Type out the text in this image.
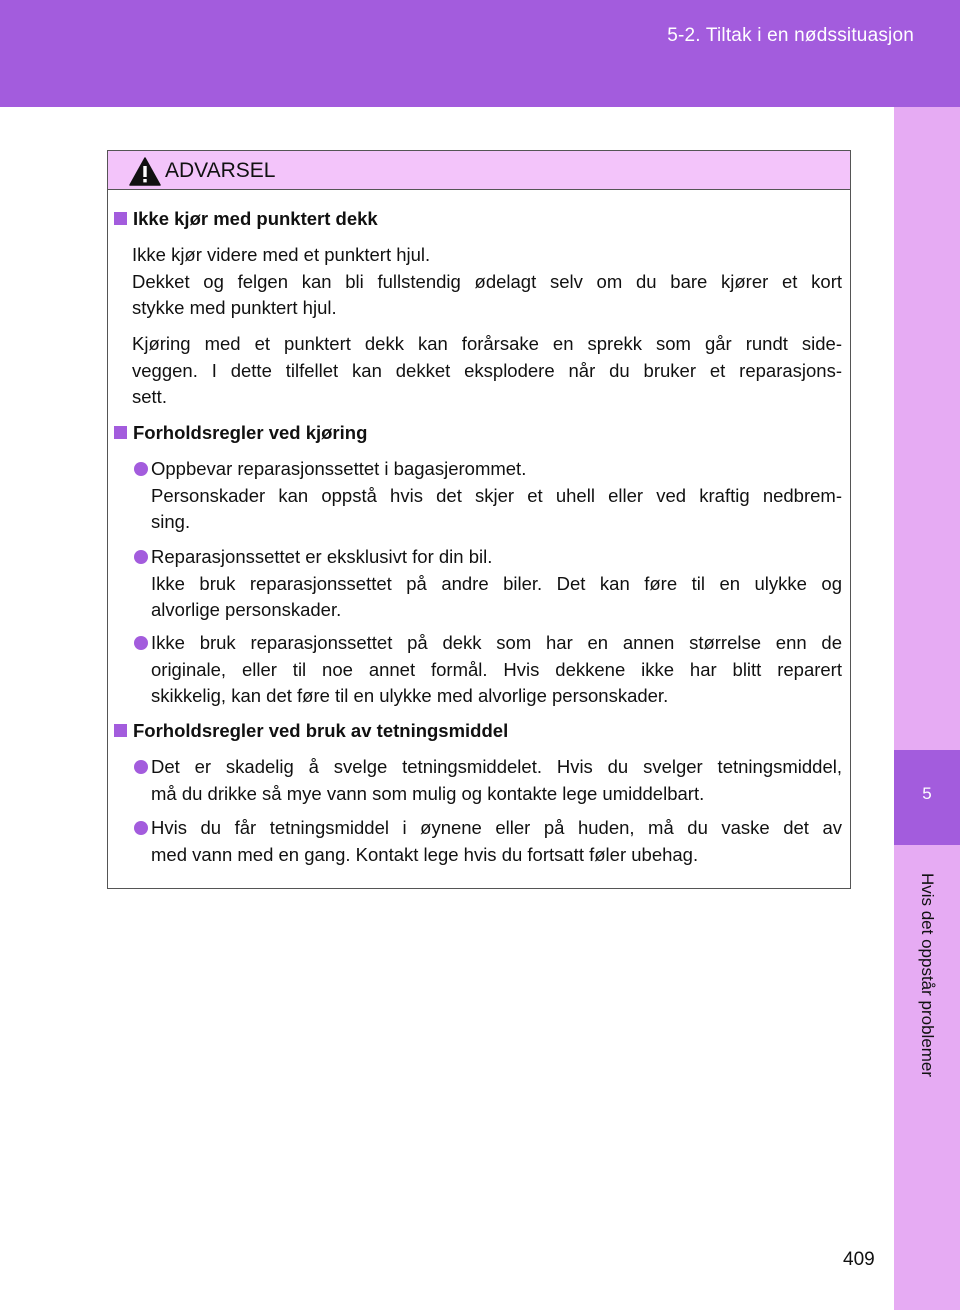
5-2. Tiltak i en nødssituasjon
5
Hvis det oppstår problemer
ADVARSEL
Ikke kjør med punktert dekk
Ikke kjør videre med et punktert hjul.
Dekket og felgen kan bli fullstendig ødelagt selv om du bare kjører et kort
stykke med punktert hjul.
Kjøring med et punktert dekk kan forårsake en sprekk som går rundt side-
veggen. I dette tilfellet kan dekket eksplodere når du bruker et reparasjons-
sett.
Forholdsregler ved kjøring
Oppbevar reparasjonssettet i bagasjerommet.
Personskader kan oppstå hvis det skjer et uhell eller ved kraftig nedbrem-
sing.
Reparasjonssettet er eksklusivt for din bil.
Ikke bruk reparasjonssettet på andre biler. Det kan føre til en ulykke og
alvorlige personskader.
Ikke bruk reparasjonssettet på dekk som har en annen størrelse enn de
originale, eller til noe annet formål. Hvis dekkene ikke har blitt reparert
skikkelig, kan det føre til en ulykke med alvorlige personskader.
Forholdsregler ved bruk av tetningsmiddel
Det er skadelig å svelge tetningsmiddelet. Hvis du svelger tetningsmiddel,
må du drikke så mye vann som mulig og kontakte lege umiddelbart.
Hvis du får tetningsmiddel i øynene eller på huden, må du vaske det av
med vann med en gang. Kontakt lege hvis du fortsatt føler ubehag.
409
